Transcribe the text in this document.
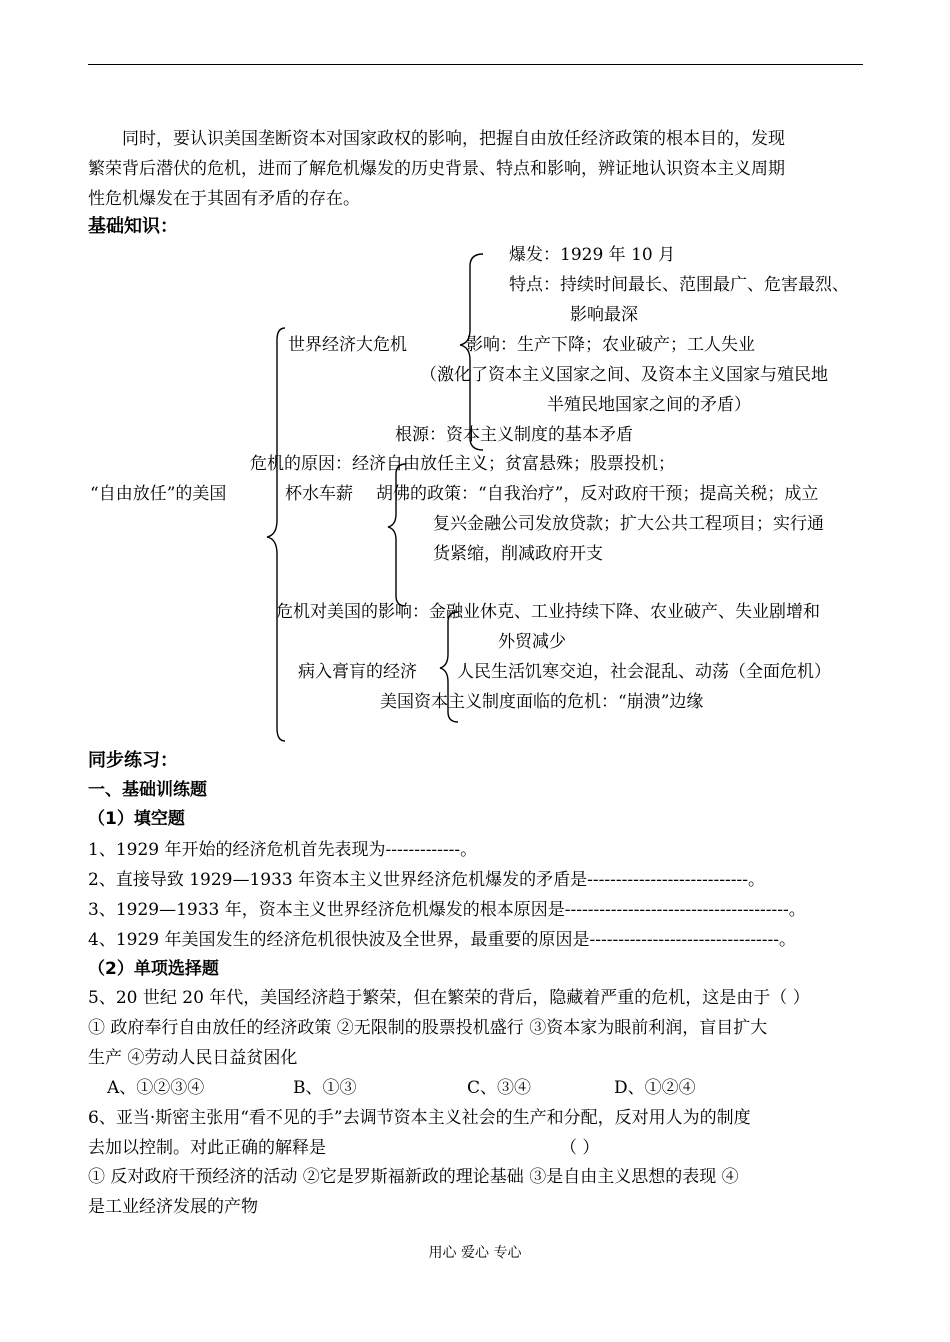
同时，要认识美国垄断资本对国家政权的影响，把握自由放任经济政策的根本目的，发现

繁荣背后潜伏的危机，进而了解危机爆发的历史背景、特点和影响，辨证地认识资本主义周期

性危机爆发在于其固有矛盾的存在。

基础知识：
爆发：1929 年 10 月
特点：持续时间最长、范围最广、危害最烈、
影响最深
世界经济大危机	影响：生产下降；农业破产；工人失业
（激化了资本主义国家之间、及资本主义国家与殖民地
半殖民地国家之间的矛盾）
根源：资本主义制度的基本矛盾
危机的原因：经济自由放任主义；贫富悬殊；股票投机；
“自由放任”的美国	杯水车薪 胡佛的政策：“自我治疗”，反对政府干预；提高关税；成立
复兴金融公司发放贷款；扩大公共工程项目；实行通
货紧缩，削减政府开支
危机对美国的影响：金融业休克、工业持续下降、农业破产、失业剧增和
外贸减少
病入膏肓的经济 人民生活饥寒交迫，社会混乱、动荡（全面危机）
美国资本主义制度面临的危机：“崩溃”边缘
同步练习：
一、基础训练题
（1）填空题
1、1929 年开始的经济危机首先表现为-------------。
2、直接导致 1929—1933 年资本主义世界经济危机爆发的矛盾是----------------------------。
3、1929—1933 年，资本主义世界经济危机爆发的根本原因是---------------------------------------。
4、1929 年美国发生的经济危机很快波及全世界，最重要的原因是---------------------------------。
（2）单项选择题
5、20 世纪 20 年代，美国经济趋于繁荣，但在繁荣的背后，隐藏着严重的危机，这是由于（ ）
① 政府奉行自由放任的经济政策 ②无限制的股票投机盛行 ③资本家为眼前利润，盲目扩大
生产 ④劳动人民日益贫困化
A、①②③④	B、①③	C、③④	D、①②④
6、亚当·斯密主张用“看不见的手”去调节资本主义社会的生产和分配，反对用人为的制度
去加以控制。对此正确的解释是	（ ）
① 反对政府干预经济的活动 ②它是罗斯福新政的理论基础 ③是自由主义思想的表现 ④
是工业经济发展的产物
用心 爱心 专心
